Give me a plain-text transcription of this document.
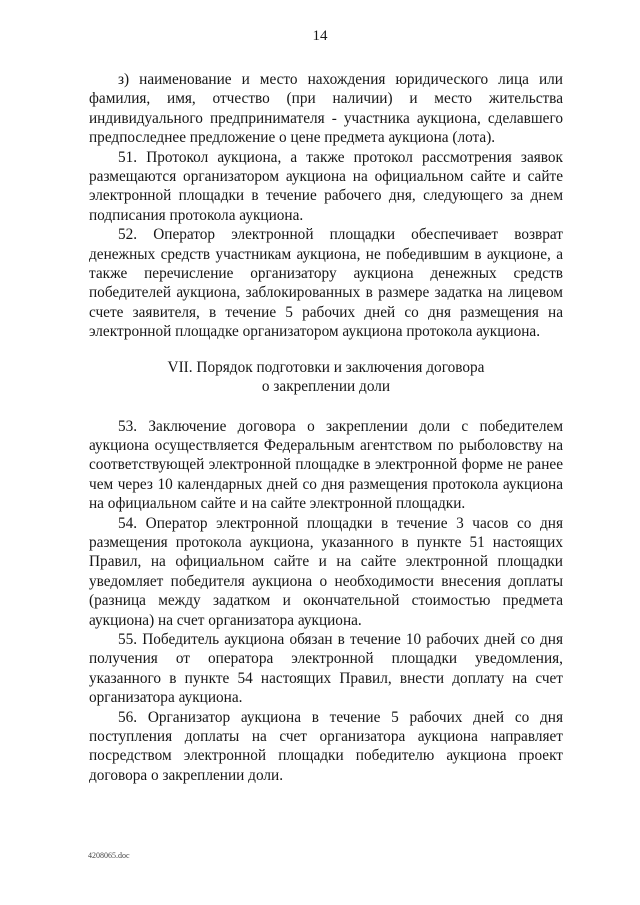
14

з) наименование и место нахождения юридического лица или фамилия, имя, отчество (при наличии) и место жительства индивидуального предпринимателя - участника аукциона, сделавшего предпоследнее предложение о цене предмета аукциона (лота).

51. Протокол аукциона, а также протокол рассмотрения заявок размещаются организатором аукциона на официальном сайте и сайте электронной площадки в течение рабочего дня, следующего за днем подписания протокола аукциона.

52. Оператор электронной площадки обеспечивает возврат денежных средств участникам аукциона, не победившим в аукционе, а также перечисление организатору аукциона денежных средств победителей аукциона, заблокированных в размере задатка на лицевом счете заявителя, в течение 5 рабочих дней со дня размещения на электронной площадке организатором аукциона протокола аукциона.

VII. Порядок подготовки и заключения договора
о закреплении доли

53. Заключение договора о закреплении доли с победителем аукциона осуществляется Федеральным агентством по рыболовству на соответствующей электронной площадке в электронной форме не ранее чем через 10 календарных дней со дня размещения протокола аукциона на официальном сайте и на сайте электронной площадки.

54. Оператор электронной площадки в течение 3 часов со дня размещения протокола аукциона, указанного в пункте 51 настоящих Правил, на официальном сайте и на сайте электронной площадки уведомляет победителя аукциона о необходимости внесения доплаты (разница между задатком и окончательной стоимостью предмета аукциона) на счет организатора аукциона.

55. Победитель аукциона обязан в течение 10 рабочих дней со дня получения от оператора электронной площадки уведомления, указанного в пункте 54 настоящих Правил, внести доплату на счет организатора аукциона.

56. Организатор аукциона в течение 5 рабочих дней со дня поступления доплаты на счет организатора аукциона направляет посредством электронной площадки победителю аукциона проект договора о закреплении доли.

4208065.doc
